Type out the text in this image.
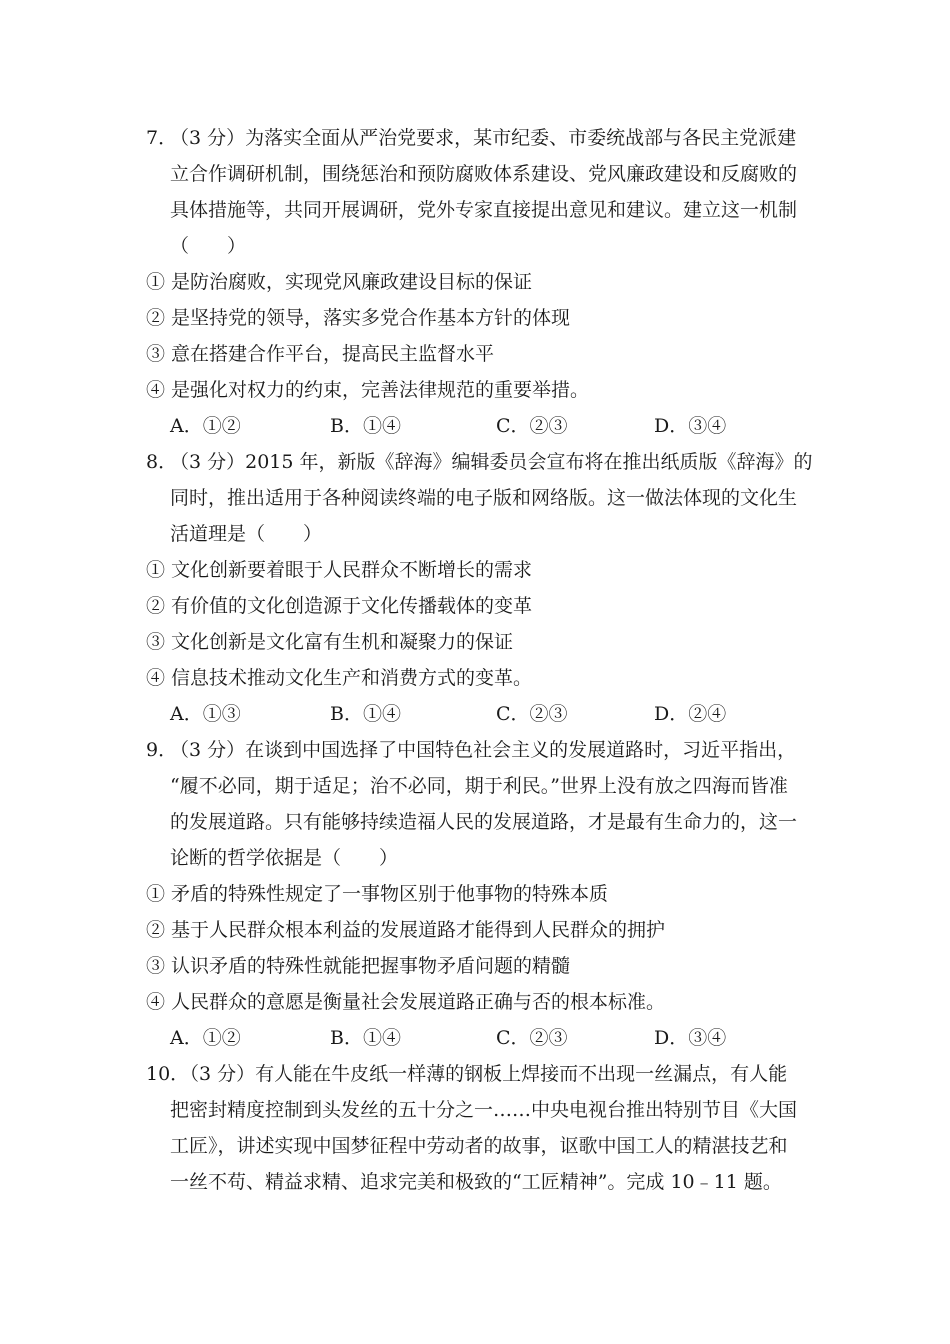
7．
（3 分）为落实全面从严治党要求，某市纪委、市委统战部与各民主党派建
立合作调研机制，围绕惩治和预防腐败体系建设、党风廉政建设和反腐败的
具体措施等，共同开展调研，党外专家直接提出意见和建议。建立这一机制
（　　）
① 是防治腐败，实现党风廉政建设目标的保证
② 是坚持党的领导，落实多党合作基本方针的体现
③ 意在搭建合作平台，提高民主监督水平
④ 是强化对权力的约束，完善法律规范的重要举措。
A．①②	B．①④	C．②③	D．③④
8．
（3 分）2015 年，新版《辞海》编辑委员会宣布将在推出纸质版《辞海》的
同时，推出适用于各种阅读终端的电子版和网络版。这一做法体现的文化生
活道理是（　　）
① 文化创新要着眼于人民群众不断增长的需求
② 有价值的文化创造源于文化传播载体的变革
③ 文化创新是文化富有生机和凝聚力的保证
④ 信息技术推动文化生产和消费方式的变革。
A．①③	B．①④	C．②③	D．②④
9．
（3 分）在谈到中国选择了中国特色社会主义的发展道路时，习近平指出，
“履不必同，期于适足；治不必同，期于利民。”世界上没有放之四海而皆准
的发展道路。只有能够持续造福人民的发展道路，才是最有生命力的，这一
论断的哲学依据是（　　）
① 矛盾的特殊性规定了一事物区别于他事物的特殊本质
② 基于人民群众根本利益的发展道路才能得到人民群众的拥护
③ 认识矛盾的特殊性就能把握事物矛盾问题的精髓
④ 人民群众的意愿是衡量社会发展道路正确与否的根本标准。
A．①②	B．①④	C．②③	D．③④
10．
（3 分）有人能在牛皮纸一样薄的钢板上焊接而不出现一丝漏点，有人能
把密封精度控制到头发丝的五十分之一……中央电视台推出特别节目《大国
工匠》，讲述实现中国梦征程中劳动者的故事，讴歌中国工人的精湛技艺和
一丝不苟、精益求精、追求完美和极致的“工匠精神”。完成 10﹣11 题。
